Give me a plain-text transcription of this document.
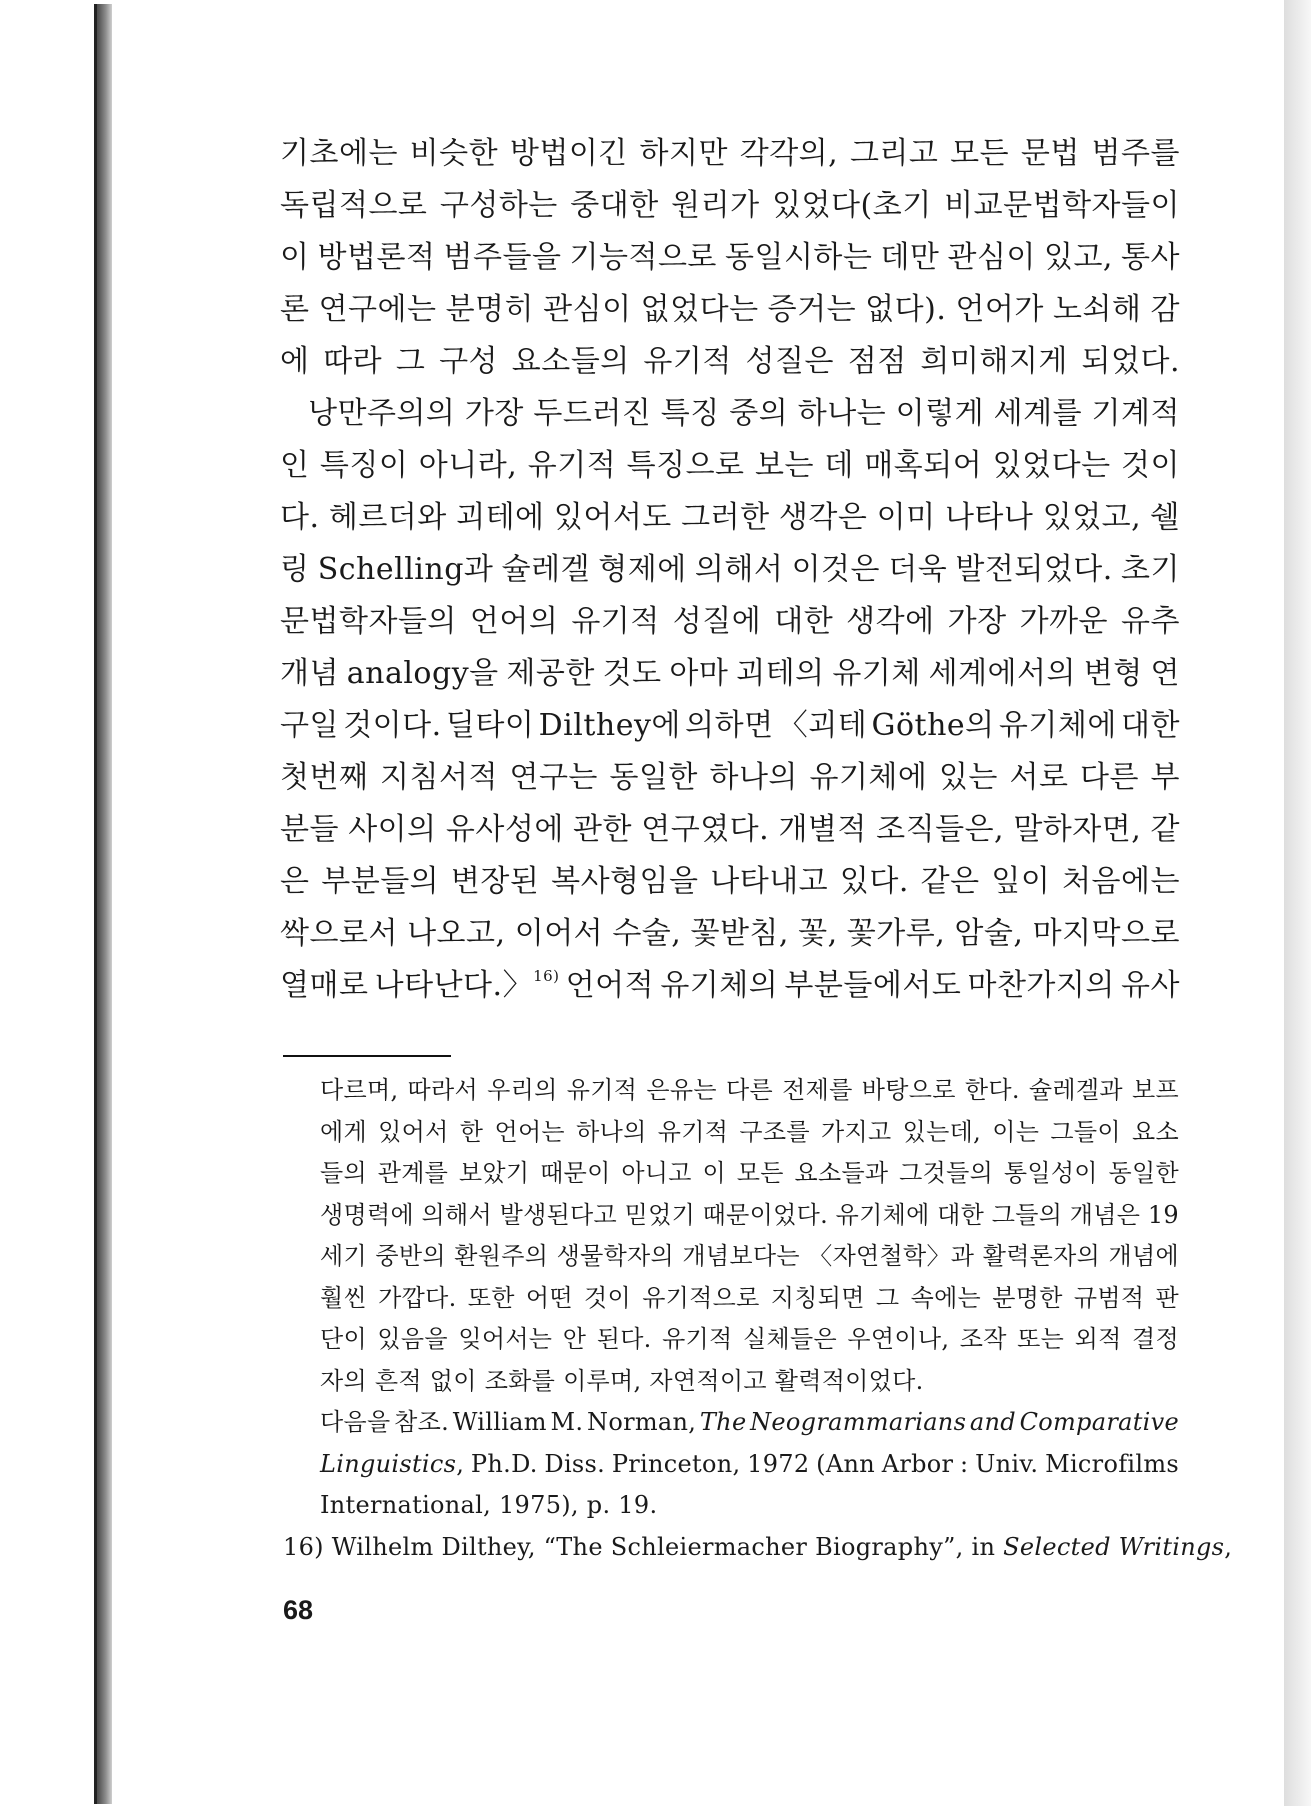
기초에는 비슷한 방법이긴 하지만 각각의, 그리고 모든 문법 범주를
독립적으로 구성하는 중대한 원리가 있었다(초기 비교문법학자들이
이 방법론적 범주들을 기능적으로 동일시하는 데만 관심이 있고, 통사
론 연구에는 분명히 관심이 없었다는 증거는 없다). 언어가 노쇠해 감
에 따라 그 구성 요소들의 유기적 성질은 점점 희미해지게 되었다.
낭만주의의 가장 두드러진 특징 중의 하나는 이렇게 세계를 기계적
인 특징이 아니라, 유기적 특징으로 보는 데 매혹되어 있었다는 것이
다. 헤르더와 괴테에 있어서도 그러한 생각은 이미 나타나 있었고, 쉘
링 Schelling과 슐레겔 형제에 의해서 이것은 더욱 발전되었다. 초기
문법학자들의 언어의 유기적 성질에 대한 생각에 가장 가까운 유추
개념 analogy을 제공한 것도 아마 괴테의 유기체 세계에서의 변형 연
구일 것이다. 딜타이 Dilthey에 의하면 〈괴테 Göthe의 유기체에 대한
첫번째 지침서적 연구는 동일한 하나의 유기체에 있는 서로 다른 부
분들 사이의 유사성에 관한 연구였다. 개별적 조직들은, 말하자면, 같
은 부분들의 변장된 복사형임을 나타내고 있다. 같은 잎이 처음에는
싹으로서 나오고, 이어서 수술, 꽃받침, 꽃, 꽃가루, 암술, 마지막으로
열매로 나타난다.〉$^{16)}$ 언어적 유기체의 부분들에서도 마찬가지의 유사
다르며, 따라서 우리의 유기적 은유는 다른 전제를 바탕으로 한다. 슐레겔과 보프
에게 있어서 한 언어는 하나의 유기적 구조를 가지고 있는데, 이는 그들이 요소
들의 관계를 보았기 때문이 아니고 이 모든 요소들과 그것들의 통일성이 동일한
생명력에 의해서 발생된다고 믿었기 때문이었다. 유기체에 대한 그들의 개념은 19
세기 중반의 환원주의 생물학자의 개념보다는 〈자연철학〉과 활력론자의 개념에
훨씬 가깝다. 또한 어떤 것이 유기적으로 지칭되면 그 속에는 분명한 규범적 판
단이 있음을 잊어서는 안 된다. 유기적 실체들은 우연이나, 조작 또는 외적 결정
자의 흔적 없이 조화를 이루며, 자연적이고 활력적이었다.
다음을 참조. William M. Norman, The Neogrammarians and Comparative
Linguistics, Ph.D. Diss. Princeton, 1972 (Ann Arbor : Univ. Microfilms
International, 1975), p. 19.
16) Wilhelm Dilthey, “The Schleiermacher Biography”, in Selected Writings,
68
